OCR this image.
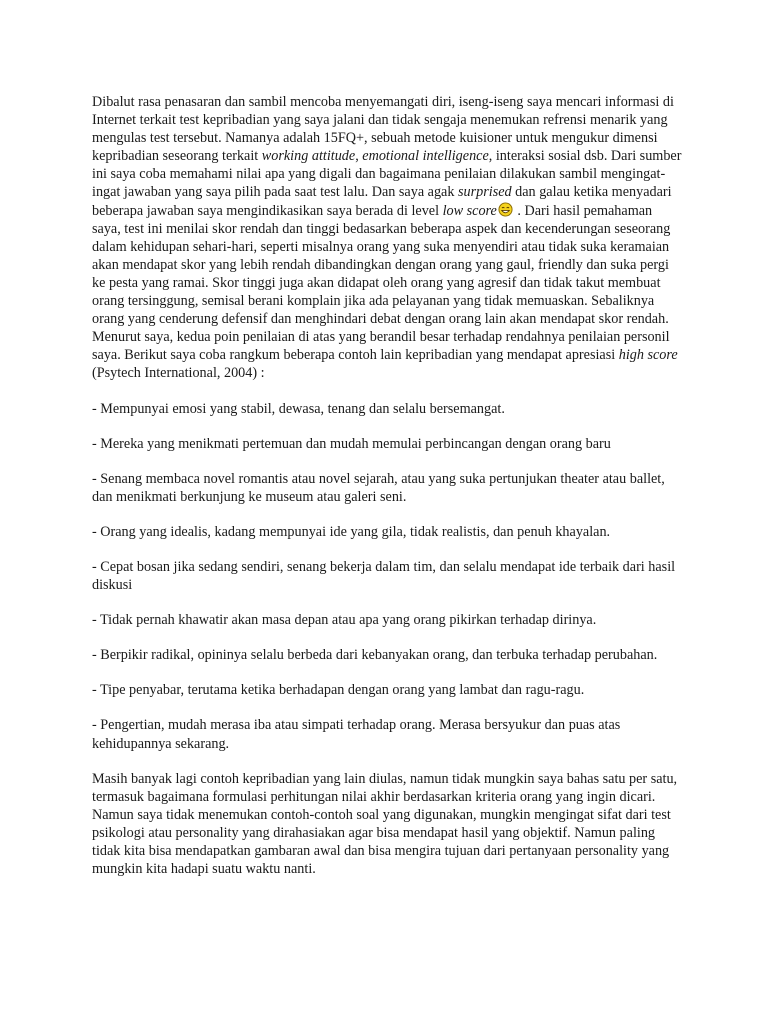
Dibalut rasa penasaran dan sambil mencoba menyemangati diri, iseng-iseng saya mencari informasi di Internet terkait test kepribadian yang saya jalani dan tidak sengaja menemukan refrensi menarik yang mengulas test tersebut. Namanya adalah 15FQ+, sebuah metode kuisioner untuk mengukur dimensi kepribadian seseorang terkait working attitude, emotional intelligence, interaksi sosial dsb. Dari sumber ini saya coba memahami nilai apa yang digali dan bagaimana penilaian dilakukan sambil mengingat-ingat jawaban yang saya pilih pada saat test lalu. Dan saya agak surprised dan galau ketika menyadari beberapa jawaban saya mengindikasikan saya berada di level low score . Dari hasil pemahaman saya, test ini menilai skor rendah dan tinggi bedasarkan beberapa aspek dan kecenderungan seseorang dalam kehidupan sehari-hari, seperti misalnya orang yang suka menyendiri atau tidak suka keramaian akan mendapat skor yang lebih rendah dibandingkan dengan orang yang gaul, friendly dan suka pergi ke pesta yang ramai. Skor tinggi juga akan didapat oleh orang yang agresif dan tidak takut membuat orang tersinggung, semisal berani komplain jika ada pelayanan yang tidak memuaskan. Sebaliknya orang yang cenderung defensif dan menghindari debat dengan orang lain akan mendapat skor rendah. Menurut saya, kedua poin penilaian di atas yang berandil besar terhadap rendahnya penilaian personil saya. Berikut saya coba rangkum beberapa contoh lain kepribadian yang mendapat apresiasi high score (Psytech International, 2004) :

- Mempunyai emosi yang stabil, dewasa, tenang dan selalu bersemangat.

- Mereka yang menikmati pertemuan dan mudah memulai perbincangan dengan orang baru

- Senang membaca novel romantis atau novel sejarah, atau yang suka pertunjukan theater atau ballet, dan menikmati berkunjung ke museum atau galeri seni.

- Orang yang idealis, kadang mempunyai ide yang gila, tidak realistis, dan penuh khayalan.

- Cepat bosan jika sedang sendiri, senang bekerja dalam tim, dan selalu mendapat ide terbaik dari hasil diskusi

- Tidak pernah khawatir akan masa depan atau apa yang orang pikirkan terhadap dirinya.

- Berpikir radikal, opininya selalu berbeda dari kebanyakan orang, dan terbuka terhadap perubahan.

- Tipe penyabar, terutama ketika berhadapan dengan orang yang lambat dan ragu-ragu.

- Pengertian, mudah merasa iba atau simpati terhadap orang. Merasa bersyukur dan puas atas kehidupannya sekarang.

Masih banyak lagi contoh kepribadian yang lain diulas, namun tidak mungkin saya bahas satu per satu, termasuk bagaimana formulasi perhitungan nilai akhir berdasarkan kriteria orang yang ingin dicari. Namun saya tidak menemukan contoh-contoh soal yang digunakan, mungkin mengingat sifat dari test psikologi atau personality yang dirahasiakan agar bisa mendapat hasil yang objektif. Namun paling tidak kita bisa mendapatkan gambaran awal dan bisa mengira tujuan dari pertanyaan personality yang mungkin kita hadapi suatu waktu nanti.
